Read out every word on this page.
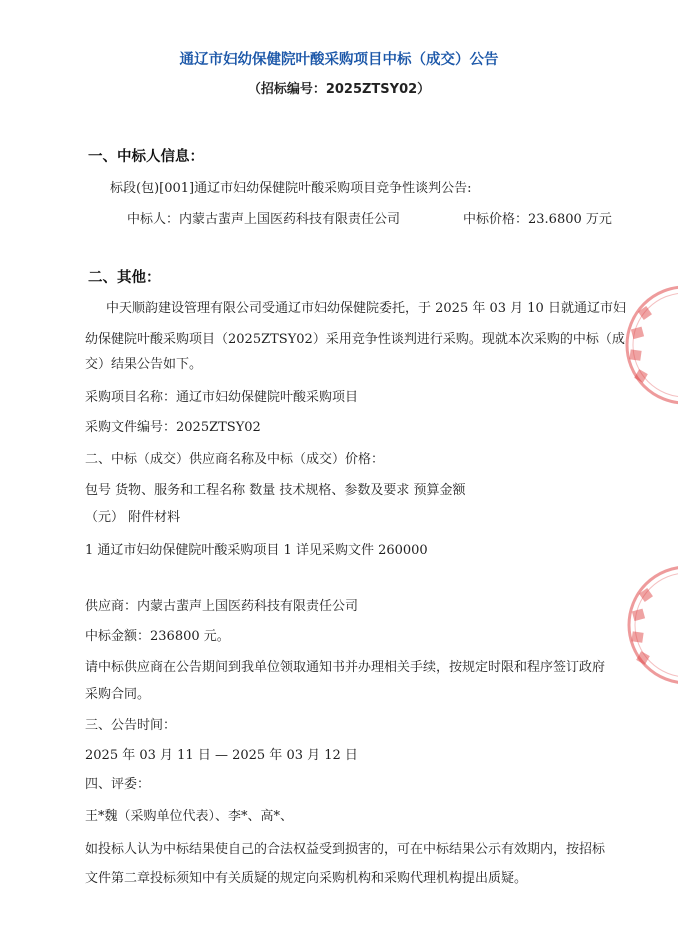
通辽市妇幼保健院叶酸采购项目中标（成交）公告
（招标编号：2025ZTSY02）
一、中标人信息：
标段(包)[001]通辽市妇幼保健院叶酸采购项目竞争性谈判公告:
中标人：内蒙古蜚声上国医药科技有限责任公司	中标价格：23.6800 万元
二、其他：
中天顺韵建设管理有限公司受通辽市妇幼保健院委托，于 2025 年 03 月 10 日就通辽市妇
幼保健院叶酸采购项目（2025ZTSY02）采用竞争性谈判进行采购。现就本次采购的中标（成
交）结果公告如下。
采购项目名称：通辽市妇幼保健院叶酸采购项目
采购文件编号：2025ZTSY02
二、中标（成交）供应商名称及中标（成交）价格：
包号 货物、服务和工程名称 数量 技术规格、参数及要求 预算金额
（元） 附件材料
1 通辽市妇幼保健院叶酸采购项目 1 详见采购文件 260000
供应商：内蒙古蜚声上国医药科技有限责任公司
中标金额：236800 元。
请中标供应商在公告期间到我单位领取通知书并办理相关手续，按规定时限和程序签订政府
采购合同。
三、公告时间：
2025 年 03 月 11 日 — 2025 年 03 月 12 日
四、评委：
王*魏（采购单位代表）、李*、高*、
如投标人认为中标结果使自己的合法权益受到损害的，可在中标结果公示有效期内，按招标
文件第二章投标须知中有关质疑的规定向采购机构和采购代理机构提出质疑。
